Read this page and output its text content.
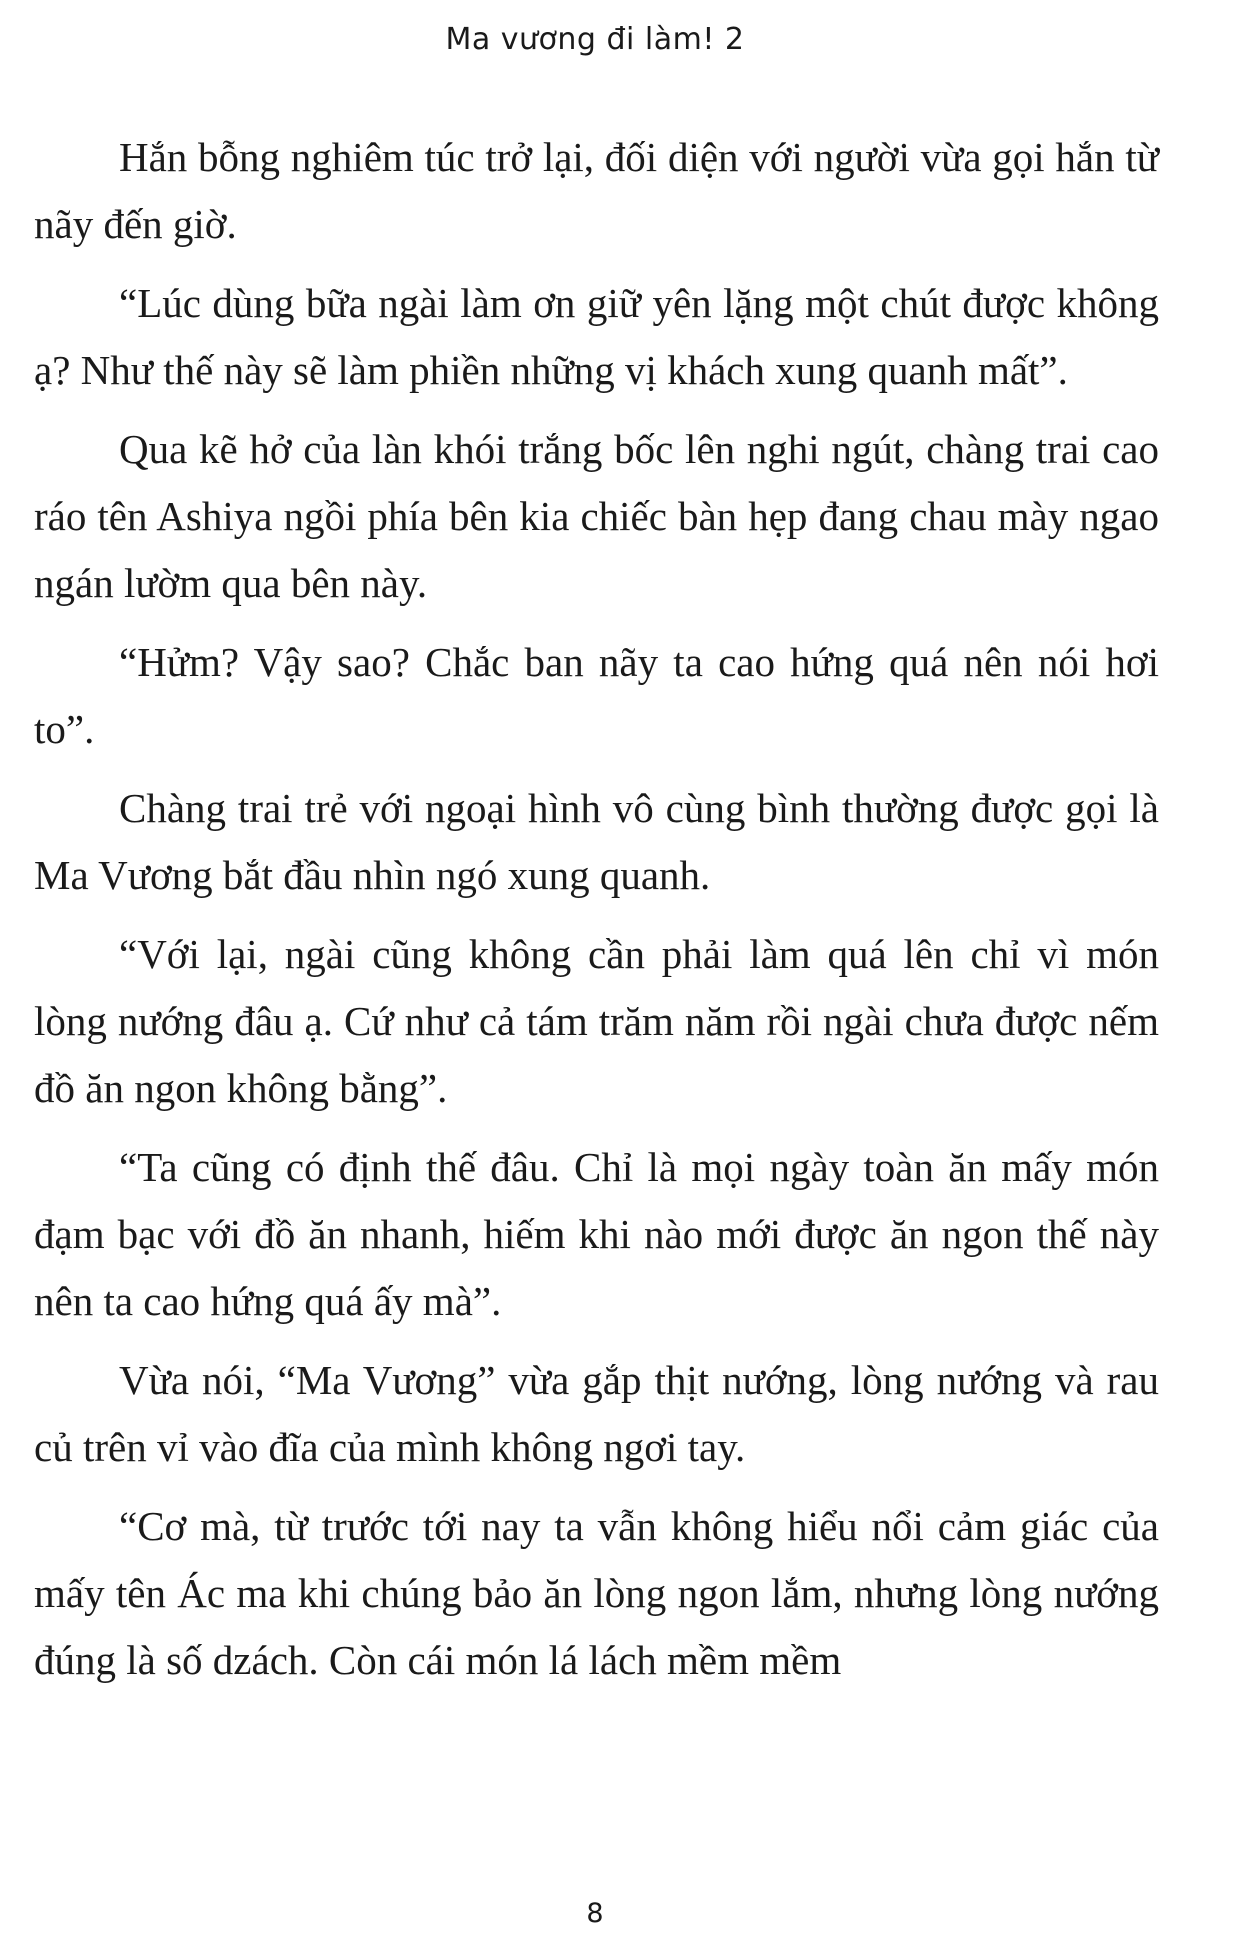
Ma vương đi làm! 2

Hắn bỗng nghiêm túc trở lại, đối diện với người vừa gọi hắn từ nãy đến giờ.

“Lúc dùng bữa ngài làm ơn giữ yên lặng một chút được không ạ? Như thế này sẽ làm phiền những vị khách xung quanh mất”.

Qua kẽ hở của làn khói trắng bốc lên nghi ngút, chàng trai cao ráo tên Ashiya ngồi phía bên kia chiếc bàn hẹp đang chau mày ngao ngán lườm qua bên này.

“Hửm? Vậy sao? Chắc ban nãy ta cao hứng quá nên nói hơi to”.

Chàng trai trẻ với ngoại hình vô cùng bình thường được gọi là Ma Vương bắt đầu nhìn ngó xung quanh.

“Với lại, ngài cũng không cần phải làm quá lên chỉ vì món lòng nướng đâu ạ. Cứ như cả tám trăm năm rồi ngài chưa được nếm đồ ăn ngon không bằng”.

“Ta cũng có định thế đâu. Chỉ là mọi ngày toàn ăn mấy món đạm bạc với đồ ăn nhanh, hiếm khi nào mới được ăn ngon thế này nên ta cao hứng quá ấy mà”.

Vừa nói, “Ma Vương” vừa gắp thịt nướng, lòng nướng và rau củ trên vỉ vào đĩa của mình không ngơi tay.

“Cơ mà, từ trước tới nay ta vẫn không hiểu nổi cảm giác của mấy tên Ác ma khi chúng bảo ăn lòng ngon lắm, nhưng lòng nướng đúng là số dzách. Còn cái món lá lách mềm mềm

8
